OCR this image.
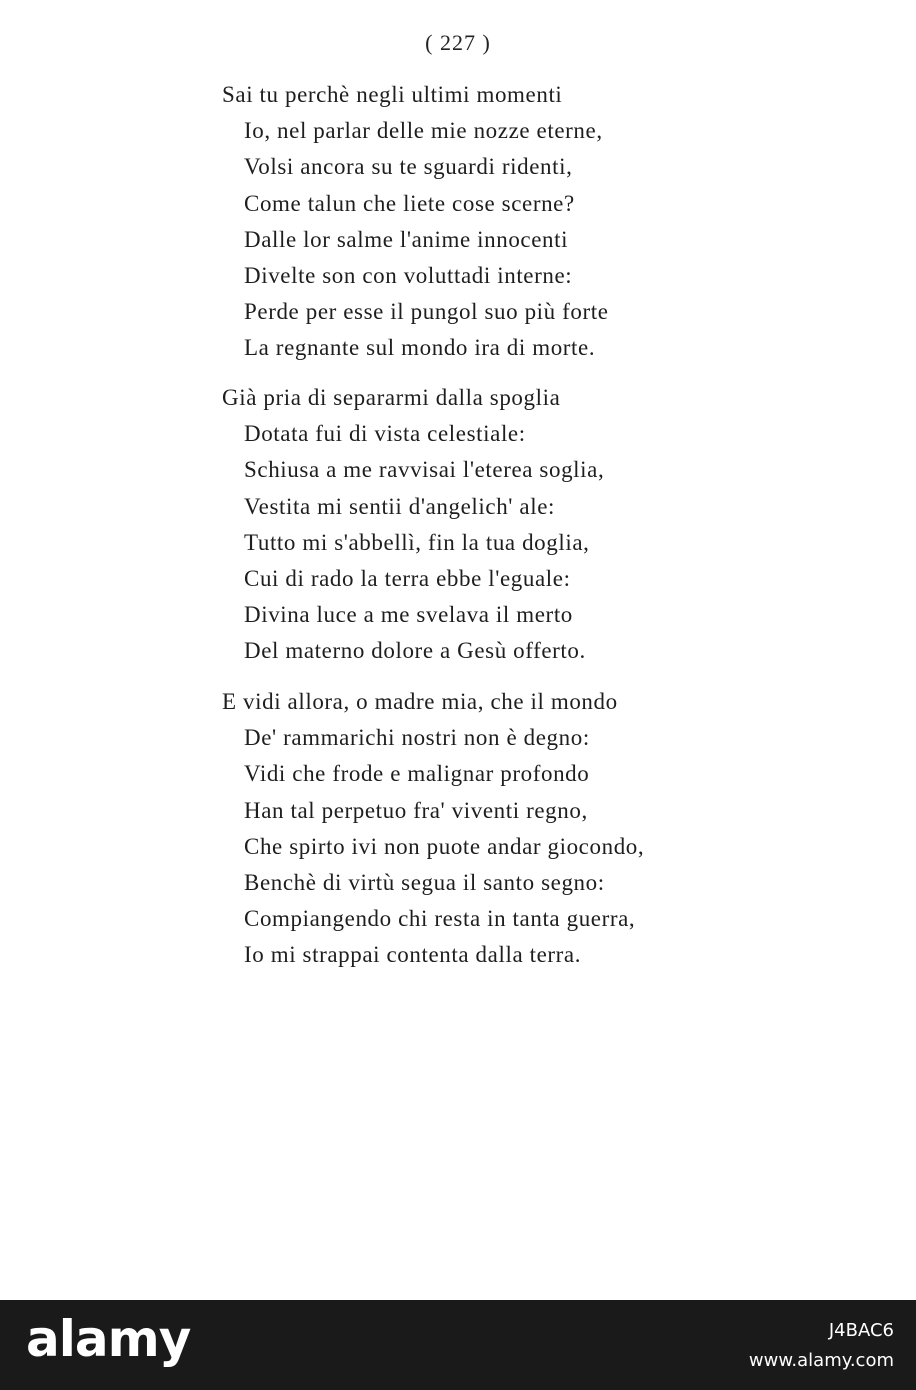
( 227 )
Sai tu perchè negli ultimi momenti
Io, nel parlar delle mie nozze eterne,
Volsi ancora su te sguardi ridenti,
Come talun che liete cose scerne?
Dalle lor salme l'anime innocenti
Divelte son con voluttadi interne:
Perde per esse il pungol suo più forte
La regnante sul mondo ira di morte.
Già pria di separarmi dalla spoglia
Dotata fui di vista celestiale:
Schiusa a me ravvisai l'eterea soglia,
Vestita mi sentii d'angelich' ale:
Tutto mi s'abbellì, fin la tua doglia,
Cui di rado la terra ebbe l'eguale:
Divina luce a me svelava il merto
Del materno dolore a Gesù offerto.
E vidi allora, o madre mia, che il mondo
De' rammarichi nostri non è degno:
Vidi che frode e malignar profondo
Han tal perpetuo fra' viventi regno,
Che spirto ivi non puote andar giocondo,
Benchè di virtù segua il santo segno:
Compiangendo chi resta in tanta guerra,
Io mi strappai contenta dalla terra.
alamy	J4BAC6
www.alamy.com
